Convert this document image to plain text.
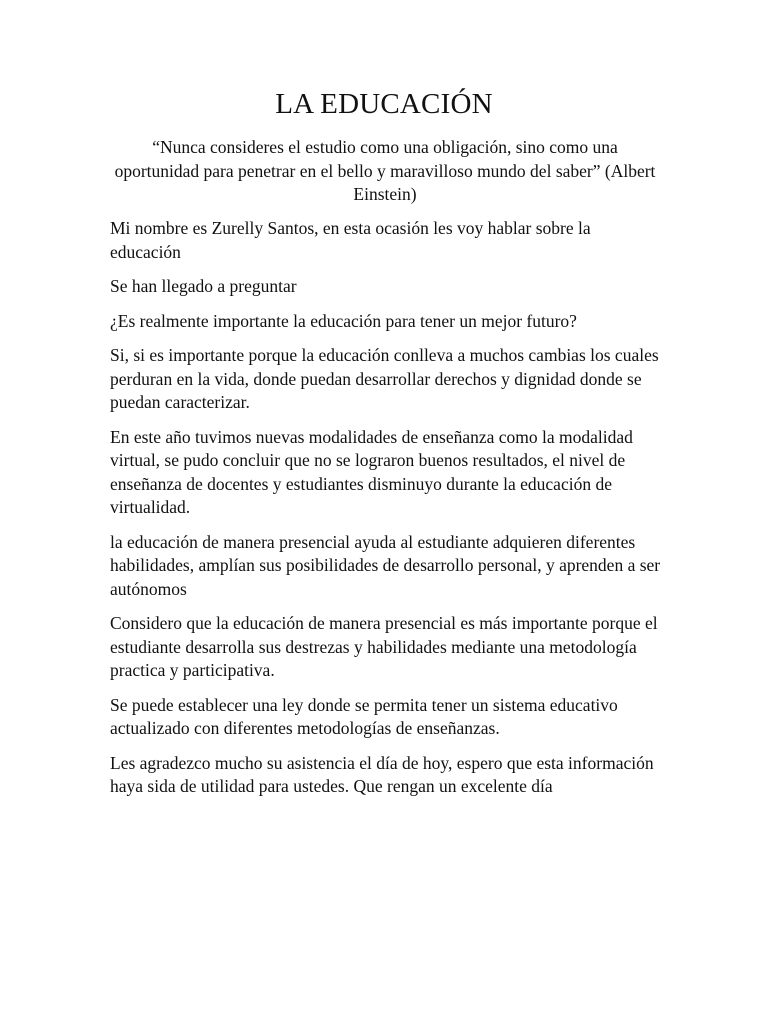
LA EDUCACIÓN

“Nunca consideres el estudio como una obligación, sino como una oportunidad para penetrar en el bello y maravilloso mundo del saber” (Albert Einstein)

Mi nombre es Zurelly Santos, en esta ocasión les voy hablar sobre la educación

Se han llegado a preguntar

¿Es realmente importante la educación para tener un mejor futuro?

Si, si es importante porque la educación conlleva a muchos cambias los cuales perduran en la vida, donde puedan desarrollar derechos y dignidad donde se puedan caracterizar.

En este año tuvimos nuevas modalidades de enseñanza como la modalidad virtual, se pudo concluir que no se lograron buenos resultados, el nivel de enseñanza de docentes y estudiantes disminuyo durante la educación de virtualidad.

la educación de manera presencial ayuda al estudiante adquieren diferentes habilidades, amplían sus posibilidades de desarrollo personal, y aprenden a ser autónomos

Considero que la educación de manera presencial es más importante porque el estudiante desarrolla sus destrezas y habilidades mediante una metodología practica y participativa.

Se puede establecer una ley donde se permita tener un sistema educativo actualizado con diferentes metodologías de enseñanzas.

Les agradezco mucho su asistencia el día de hoy, espero que esta información haya sida de utilidad para ustedes. Que rengan un excelente día
